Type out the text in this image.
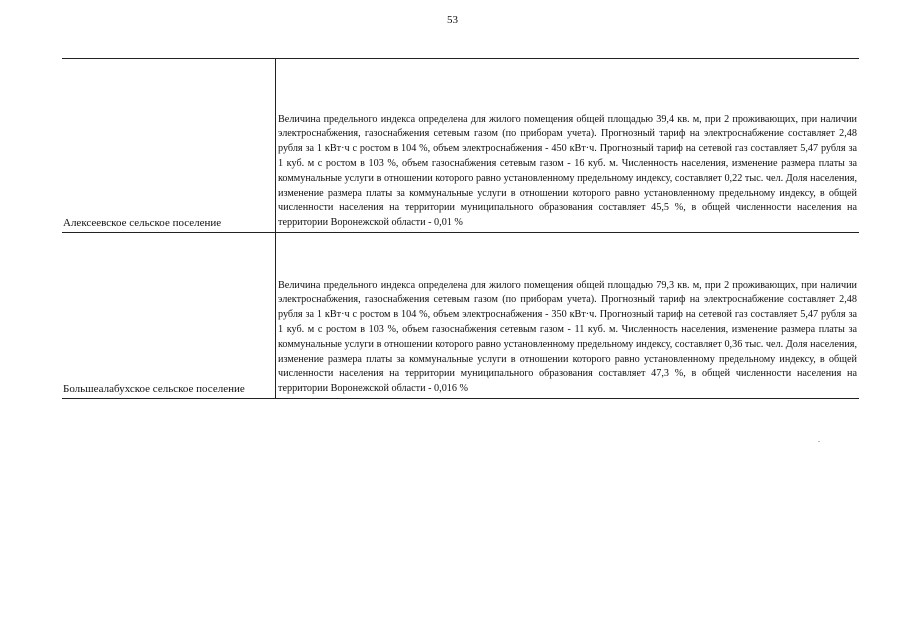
53
Алексеевское сельское поселение	Величина предельного индекса определена для жилого помещения общей площадью 39,4 кв. м, при 2 проживающих, при наличии электроснабжения, газоснабжения сетевым газом (по приборам учета). Прогнозный тариф на электроснабжение составляет 2,48 рубля за 1 кВт·ч с ростом в 104 %, объем электроснабжения - 450 кВт·ч. Прогнозный тариф на сетевой газ составляет 5,47 рубля за 1 куб. м с ростом в 103 %, объем газоснабжения сетевым газом - 16 куб. м. Численность населения, изменение размера платы за коммунальные услуги в отношении которого равно установленному предельному индексу, составляет 0,22 тыс. чел. Доля населения, изменение размера платы за коммунальные услуги в отношении которого равно установленному предельному индексу, в общей численности населения на территории муниципального образования составляет 45,5 %, в общей численности населения на территории Воронежской области - 0,01 %

Большеалабухское сельское поселение	Величина предельного индекса определена для жилого помещения общей площадью 79,3 кв. м, при 2 проживающих, при наличии электроснабжения, газоснабжения сетевым газом (по приборам учета). Прогнозный тариф на электроснабжение составляет 2,48 рубля за 1 кВт·ч с ростом в 104 %, объем электроснабжения - 350 кВт·ч. Прогнозный тариф на сетевой газ составляет 5,47 рубля за 1 куб. м с ростом в 103 %, объем газоснабжения сетевым газом - 11 куб. м. Численность населения, изменение размера платы за коммунальные услуги в отношении которого равно установленному предельному индексу, составляет 0,36 тыс. чел. Доля населения, изменение размера платы за коммунальные услуги в отношении которого равно установленному предельному индексу, в общей численности населения на территории муниципального образования составляет 47,3 %, в общей численности населения на территории Воронежской области - 0,016 %
